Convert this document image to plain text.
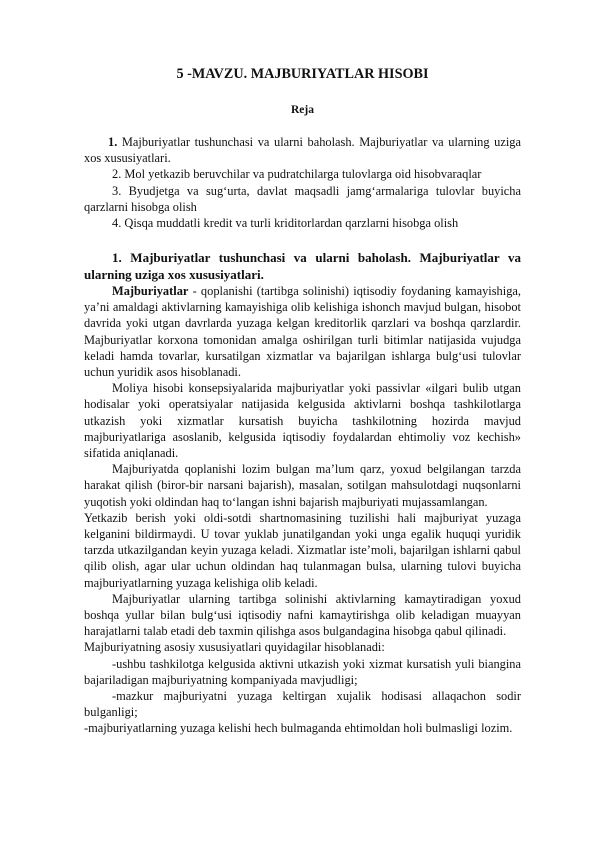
5 -MAVZU. MAJBURIYATLAR HISOBI
Reja

1. Majburiyatlar tushunchasi va ularni baholash. Majburiyatlar va ularning uziga xos xususiyatlari.

2. Mol yetkazib beruvchilar va pudratchilarga tulovlarga oid hisobvaraqlar

3. Byudjetga va sug‘urta, davlat maqsadli jamg‘armalariga tulovlar buyicha qarzlarni hisobga olish

4. Qisqa muddatli kredit va turli kriditorlardan qarzlarni hisobga olish

1. Majburiyatlar tushunchasi va ularni baholash. Majburiyatlar va ularning uziga xos xususiyatlari.

Majburiyatlar - qoplanishi (tartibga solinishi) iqtisodiy foydaning kamayishiga, ya’ni amaldagi aktivlarning kamayishiga olib kelishiga ishonch mavjud bulgan, hisobot davrida yoki utgan davrlarda yuzaga kelgan kreditorlik qarzlari va boshqa qarzlardir. Majburiyatlar korxona tomonidan amalga oshirilgan turli bitimlar natijasida vujudga keladi hamda tovarlar, kursatilgan xizmatlar va bajarilgan ishlarga bulg‘usi tulovlar uchun yuridik asos hisoblanadi.

Moliya hisobi konsepsiyalarida majburiyatlar yoki passivlar «ilgari bulib utgan hodisalar yoki operatsiyalar natijasida kelgusida aktivlarni boshqa tashkilotlarga utkazish yoki xizmatlar kursatish buyicha tashkilotning hozirda mavjud majburiyatlariga asoslanib, kelgusida iqtisodiy foydalardan ehtimoliy voz kechish» sifatida aniqlanadi.

Majburiyatda qoplanishi lozim bulgan ma’lum qarz, yoxud belgilangan tarzda harakat qilish (biror-bir narsani bajarish), masalan, sotilgan mahsulotdagi nuqsonlarni yuqotish yoki oldindan haq to‘langan ishni bajarish majburiyati mujassamlangan.

Yetkazib berish yoki oldi-sotdi shartnomasining tuzilishi hali majburiyat yuzaga kelganini bildirmaydi. U tovar yuklab junatilgandan yoki unga egalik huquqi yuridik tarzda utkazilgandan keyin yuzaga keladi. Xizmatlar iste’moli, bajarilgan ishlarni qabul qilib olish, agar ular uchun oldindan haq tulanmagan bulsa, ularning tulovi buyicha majburiyatlarning yuzaga kelishiga olib keladi.

Majburiyatlar ularning tartibga solinishi aktivlarning kamaytiradigan yoxud boshqa yullar bilan bulg‘usi iqtisodiy nafni kamaytirishga olib keladigan muayyan harajatlarni talab etadi deb taxmin qilishga asos bulgandagina hisobga qabul qilinadi.

Majburiyatning asosiy xususiyatlari quyidagilar hisoblanadi:

-ushbu tashkilotga kelgusida aktivni utkazish yoki xizmat kursatish yuli biangina bajariladigan majburiyatning kompaniyada mavjudligi;

-mazkur majburiyatni yuzaga keltirgan xujalik hodisasi allaqachon sodir bulganligi;

-majburiyatlarning yuzaga kelishi hech bulmaganda ehtimoldan holi bulmasligi lozim.
